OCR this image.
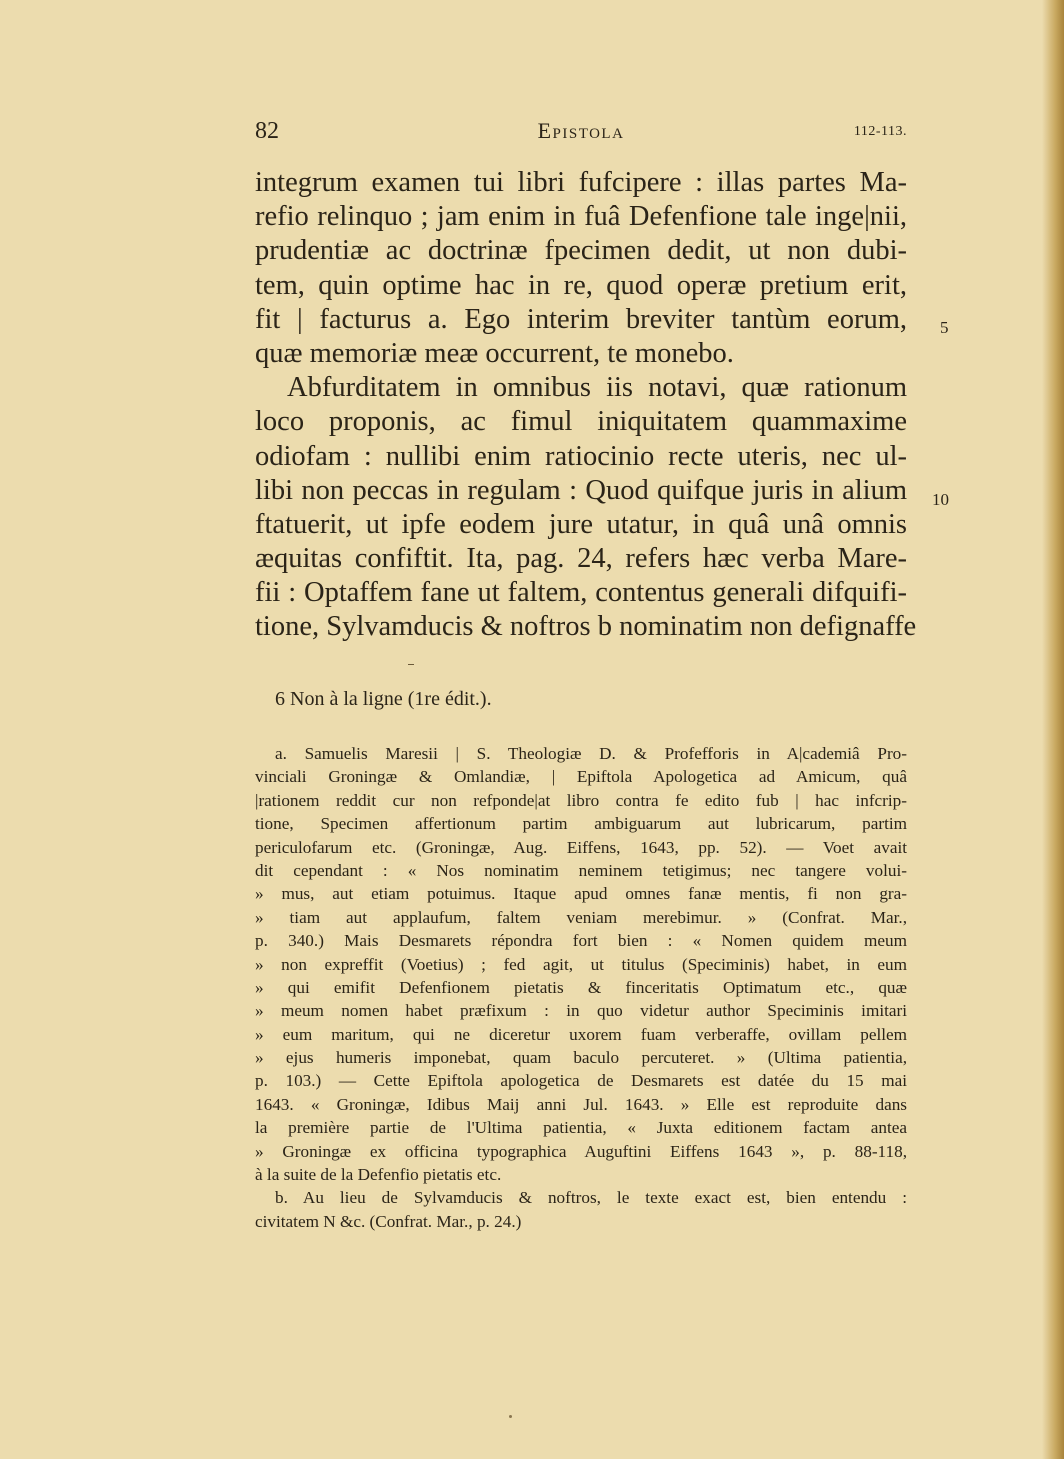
82	Epistola	112-113.
integrum examen tui libri fufcipere : illas partes Ma-
refio relinquo ; jam enim in fuâ Defenfione tale inge|nii,
prudentiæ ac doctrinæ fpecimen dedit, ut non dubi-
tem, quin optime hac in re, quod operæ pretium erit,
fit | facturus a. Ego interim breviter tantùm eorum,
quæ memoriæ meæ occurrent, te monebo.
Abfurditatem in omnibus iis notavi, quæ rationum
loco proponis, ac fimul iniquitatem quammaxime
odiofam : nullibi enim ratiocinio recte uteris, nec ul-
libi non peccas in regulam : Quod quifque juris in alium
ftatuerit, ut ipfe eodem jure utatur, in quâ unâ omnis
æquitas confiftit. Ita, pag. 24, refers hæc verba Mare-
fii : Optaffem fane ut faltem, contentus generali difquifi-
tione, Sylvamducis & noftros b nominatim non defignaffe
5
10
6 Non à la ligne (1re édit.).
a. Samuelis Maresii | S. Theologiæ D. & Profefforis in A|cademiâ Pro-
vinciali Groningæ & Omlandiæ, | Epiftola Apologetica ad Amicum, quâ
|rationem reddit cur non refponde|at libro contra fe edito fub | hac infcrip-
tione, Specimen affertionum partim ambiguarum aut lubricarum, partim
periculofarum etc. (Groningæ, Aug. Eiffens, 1643, pp. 52). — Voet avait
dit cependant : « Nos nominatim neminem tetigimus; nec tangere volui-
» mus, aut etiam potuimus. Itaque apud omnes fanæ mentis, fi non gra-
» tiam aut applaufum, faltem veniam merebimur. » (Confrat. Mar.,
p. 340.) Mais Desmarets répondra fort bien : « Nomen quidem meum
» non expreffit (Voetius) ; fed agit, ut titulus (Speciminis) habet, in eum
» qui emifit Defenfionem pietatis & finceritatis Optimatum etc., quæ
» meum nomen habet præfixum : in quo videtur author Speciminis imitari
» eum maritum, qui ne diceretur uxorem fuam verberaffe, ovillam pellem
» ejus humeris imponebat, quam baculo percuteret. » (Ultima patientia,
p. 103.) — Cette Epiftola apologetica de Desmarets est datée du 15 mai
1643. « Groningæ, Idibus Maij anni Jul. 1643. » Elle est reproduite dans
la première partie de l'Ultima patientia, « Juxta editionem factam antea
» Groningæ ex officina typographica Auguftini Eiffens 1643 », p. 88-118,
à la suite de la Defenfio pietatis etc.
b. Au lieu de Sylvamducis & noftros, le texte exact est, bien entendu :
civitatem N &c. (Confrat. Mar., p. 24.)
